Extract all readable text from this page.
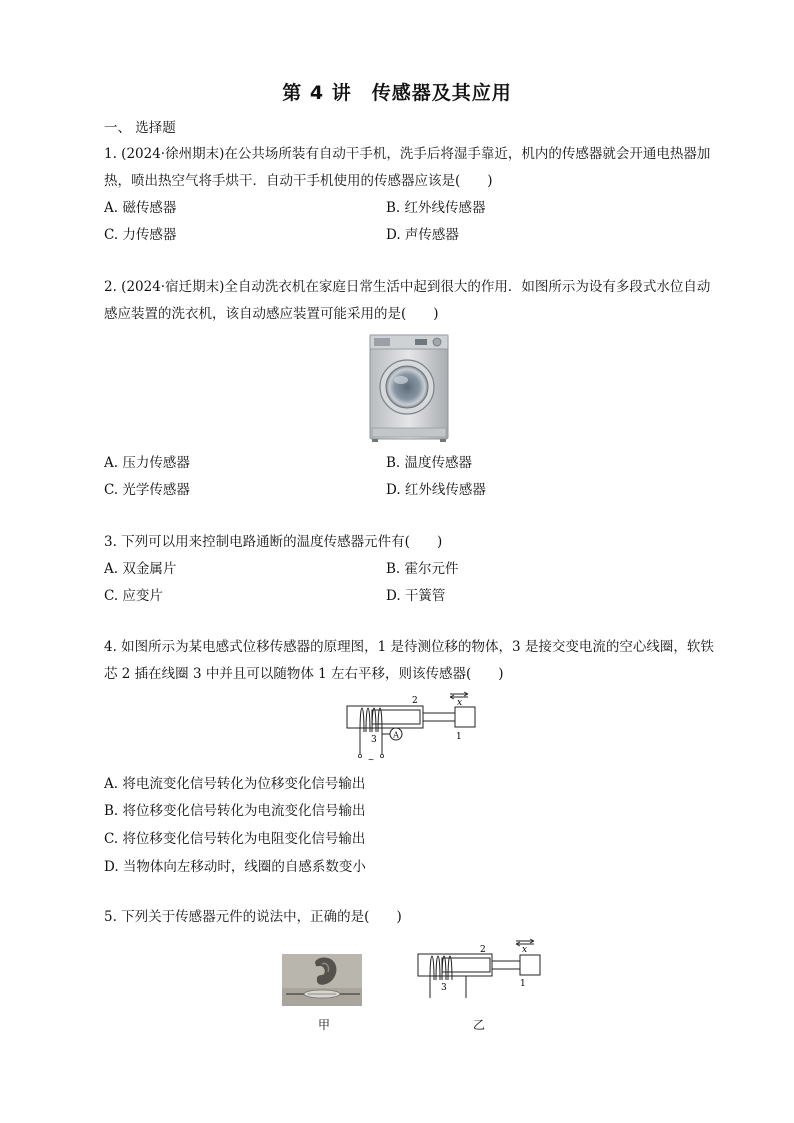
第 4 讲　传感器及其应用
一、 选择题
1. (2024·徐州期末)在公共场所装有自动干手机，洗手后将湿手靠近，机内的传感器就会开通电热器加热，喷出热空气将手烘干．自动干手机使用的传感器应该是(　　)
A. 磁传感器	B. 红外线传感器
C. 力传感器	D. 声传感器
2. (2024·宿迁期末)全自动洗衣机在家庭日常生活中起到很大的作用．如图所示为设有多段式水位自动感应装置的洗衣机，该自动感应装置可能采用的是(　　)
A. 压力传感器	B. 温度传感器
C. 光学传感器	D. 红外线传感器
3. 下列可以用来控制电路通断的温度传感器元件有(　　)
A. 双金属片	B. 霍尔元件
C. 应变片	D. 干簧管
4. 如图所示为某电感式位移传感器的原理图，1 是待测位移的物体，3 是接交变电流的空心线圈，软铁芯 2 插在线圈 3 中并且可以随物体 1 左右平移，则该传感器(　　)
A
~
2
3	1
x
A. 将电流变化信号转化为位移变化信号输出
B. 将位移变化信号转化为电流变化信号输出
C. 将位移变化信号转化为电阻变化信号输出
D. 当物体向左移动时，线圈的自感系数变小
5. 下列关于传感器元件的说法中，正确的是(　　)
甲
2
3	1
x
乙
